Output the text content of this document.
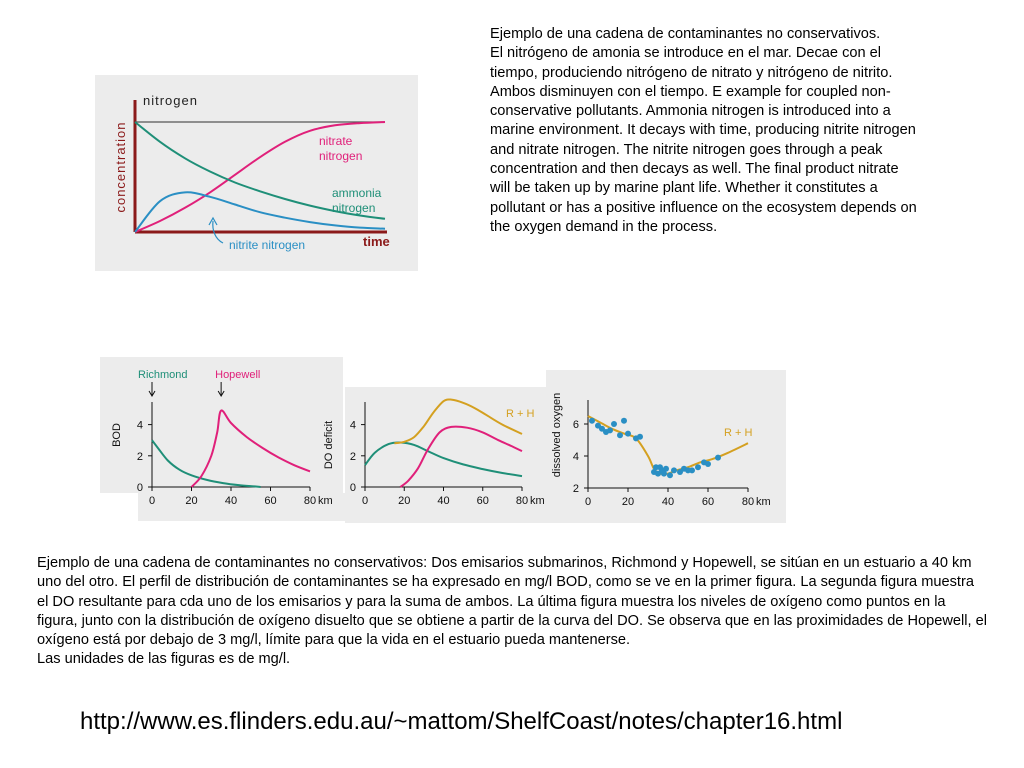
concentration
time
nitrogen
nitrate
nitrogen
ammonia
nitrogen
nitrite nitrogen
Ejemplo de una cadena de contaminantes no conservativos.
El nitrógeno de amonia se introduce en el mar. Decae con el tiempo, produciendo nitrógeno de nitrato y nitrógeno de nitrito. Ambos disminuyen con el tiempo. E example for coupled non-conservative pollutants. Ammonia nitrogen is introduced into a marine environment. It decays with time, producing nitrite nitrogen and nitrate nitrogen. The nitrite nitrogen goes through a peak concentration and then decays as well. The final product nitrate will be taken up by marine plant life. Whether it constitutes a pollutant or has a positive influence on the ecosystem depends on the oxygen demand in the process.
0	20 40 60 80 km
0
2
4
BOD
Richmond	Hopewell
0	20 40 60 80 km
0
2
4
DO deficit
R + H
0	20	40	60	80 km
2
4
6
dissolved oxygen	R + H
Ejemplo de una cadena de contaminantes no conservativos: Dos emisarios submarinos, Richmond y Hopewell, se sitúan en un estuario a 40 km uno del otro. El perfil de distribución de contaminantes se ha expresado en mg/l BOD, como se ve en la primer figura. La segunda figura muestra el DO resultante para cda uno de los emisarios y para la suma de ambos. La última figura muestra los niveles de oxígeno como puntos en la figura, junto con la distribución de oxígeno disuelto que se obtiene a partir de la curva del DO. Se observa que en las proximidades de Hopewell, el oxígeno está por debajo de 3 mg/l, límite para que la vida en el estuario pueda mantenerse.
Las unidades de las figuras es de mg/l.
http://www.es.flinders.edu.au/~mattom/ShelfCoast/notes/chapter16.html
